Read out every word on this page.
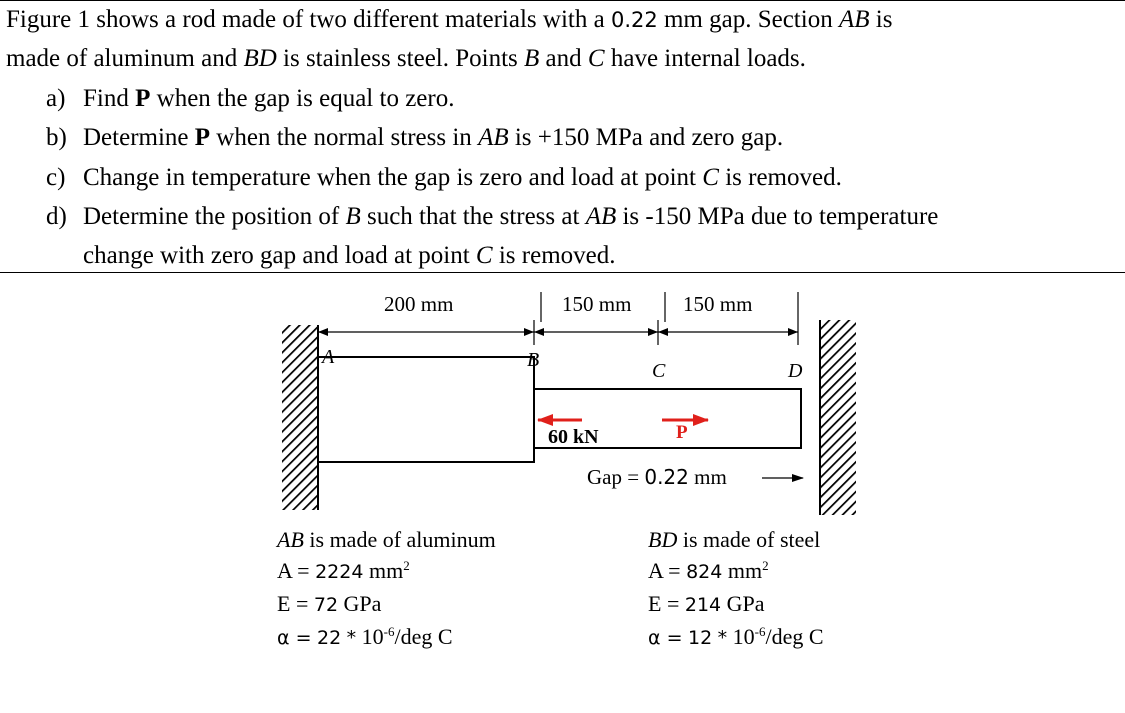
Figure 1 shows a rod made of two different materials with a 0.22 mm gap. Section AB is
made of aluminum and BD is stainless steel. Points B and C have internal loads.
a) Find P when the gap is equal to zero.
b) Determine P when the normal stress in AB is +150 MPa and zero gap.
c) Change in temperature when the gap is zero and load at point C is removed.
d) Determine the position of B such that the stress at AB is -150 MPa due to temperature
change with zero gap and load at point C is removed.
200 mm	150 mm 150 mm
A	B	C	D
60 kN	P
Gap = 0.22 mm
AB is made of aluminum
A = 2224 $mm^2$
E = 72 GPa
$\alpha = 22 * 10^{-6}$/deg C
BD is made of steel
A = 824 $mm^2$
E = 214 GPa
$\alpha = 12 * 10^{-6}$/deg C
